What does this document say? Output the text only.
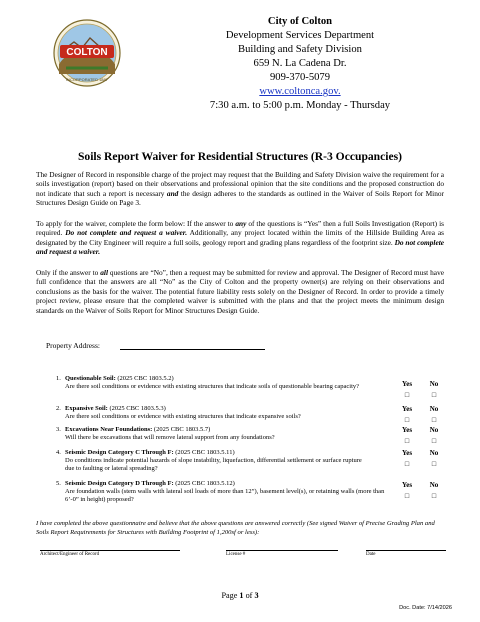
COLTON
INCORPORATED 1887
City of Colton
Development Services Department
Building and Safety Division
659 N. La Cadena Dr.
909-370-5079
www.coltonca.gov.
7:30 a.m. to 5:00 p.m. Monday - Thursday
Soils Report Waiver for Residential Structures (R-3 Occupancies)
The Designer of Record in responsible charge of the project may request that the Building and Safety Division waive the requirement for a soils investigation (report) based on their observations and professional opinion that the site conditions and the proposed construction do not indicate that such a report is necessary and the design adheres to the standards as outlined in the Waiver of Soils Report for Minor Structures Design Guide on Page 3.
To apply for the waiver, complete the form below: If the answer to any of the questions is “Yes” then a full Soils Investigation (Report) is required. Do not complete and request a waiver. Additionally, any project located within the limits of the Hillside Building Area as designated by the City Engineer will require a full soils, geology report and grading plans regardless of the footprint size. Do not complete and request a waiver.
Only if the answer to all questions are “No”, then a request may be submitted for review and approval. The Designer of Record must have full confidence that the answers are all “No” as the City of Colton and the property owner(s) are relying on their observations and conclusions as the basis for the waiver. The potential future liability rests solely on the Designer of Record. In order to provide a timely project review, please ensure that the completed waiver is submitted with the plans and that the project meets the minimum design standards on the Waiver of Soils Report for Minor Structures Design Guide.
Property Address:
1. Questionable Soil: (2025 CBC 1803.5.2)
Are there soil conditions or evidence with existing structures that indicate soils of questionable bearing capacity?	Yes	No
□	□
2. Expansive Soil: (2025 CBC 1803.5.3)
Are there soil conditions or evidence with existing structures that indicate expansive soils?
Yes	No
□	□
3. Excavations Near Foundations: (2025 CBC 1803.5.7)
Will there be excavations that will remove lateral support from any foundations?
Yes	No
□	□
4. Seismic Design Category C Through F: (2025 CBC 1803.5.11)
Do conditions indicate potential hazards of slope instability, liquefaction, differential settlement or surface rupture due to faulting or lateral spreading?
Yes	No
□	□
5. Seismic Design Category D Through F: (2025 CBC 1803.5.12)
Are foundation walls (stem walls with lateral soil loads of more than 12”), basement level(s), or retaining walls (more than 6’-0” in height) proposed?
Yes	No
□	□
I have completed the above questionnaire and believe that the above questions are answered correctly (See signed Waiver of Precise Grading Plan and Soils Report Requirements for Structures with Building Footprint of 1,200sf or less):
Architect/Engineer of Record	License #	Date
Page 1 of 3
Doc. Date: 7/14/2026
